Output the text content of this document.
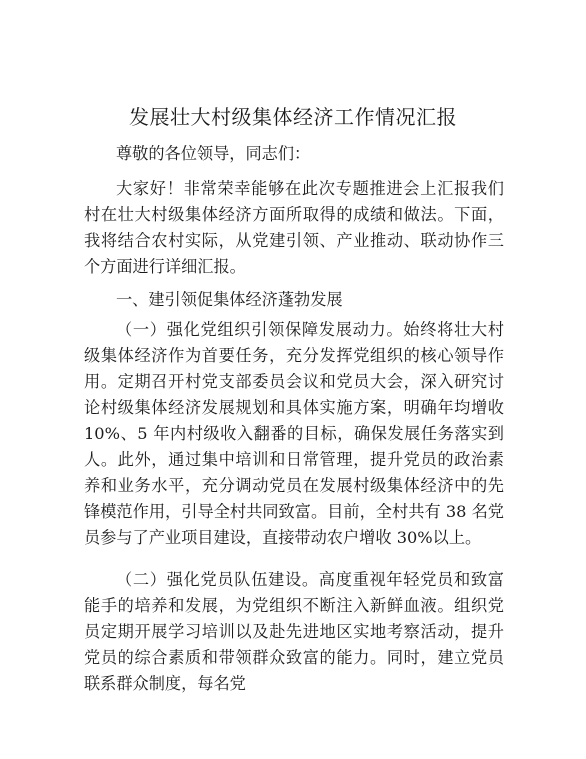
发展壮大村级集体经济工作情况汇报
尊敬的各位领导，同志们：
大家好！非常荣幸能够在此次专题推进会上汇报我们村在壮大村级集体经济方面所取得的成绩和做法。下面，我将结合农村实际，从党建引领、产业推动、联动协作三个方面进行详细汇报。
一、建引领促集体经济蓬勃发展
（一）强化党组织引领保障发展动力。始终将壮大村级集体经济作为首要任务，充分发挥党组织的核心领导作用。定期召开村党支部委员会议和党员大会，深入研究讨论村级集体经济发展规划和具体实施方案，明确年均增收 10%、5 年内村级收入翻番的目标，确保发展任务落实到人。此外，通过集中培训和日常管理，提升党员的政治素养和业务水平，充分调动党员在发展村级集体经济中的先锋模范作用，引导全村共同致富。目前，全村共有 38 名党员参与了产业项目建设，直接带动农户增收 30%以上。
（二）强化党员队伍建设。高度重视年轻党员和致富能手的培养和发展，为党组织不断注入新鲜血液。组织党员定期开展学习培训以及赴先进地区实地考察活动，提升党员的综合素质和带领群众致富的能力。同时，建立党员联系群众制度，每名党
